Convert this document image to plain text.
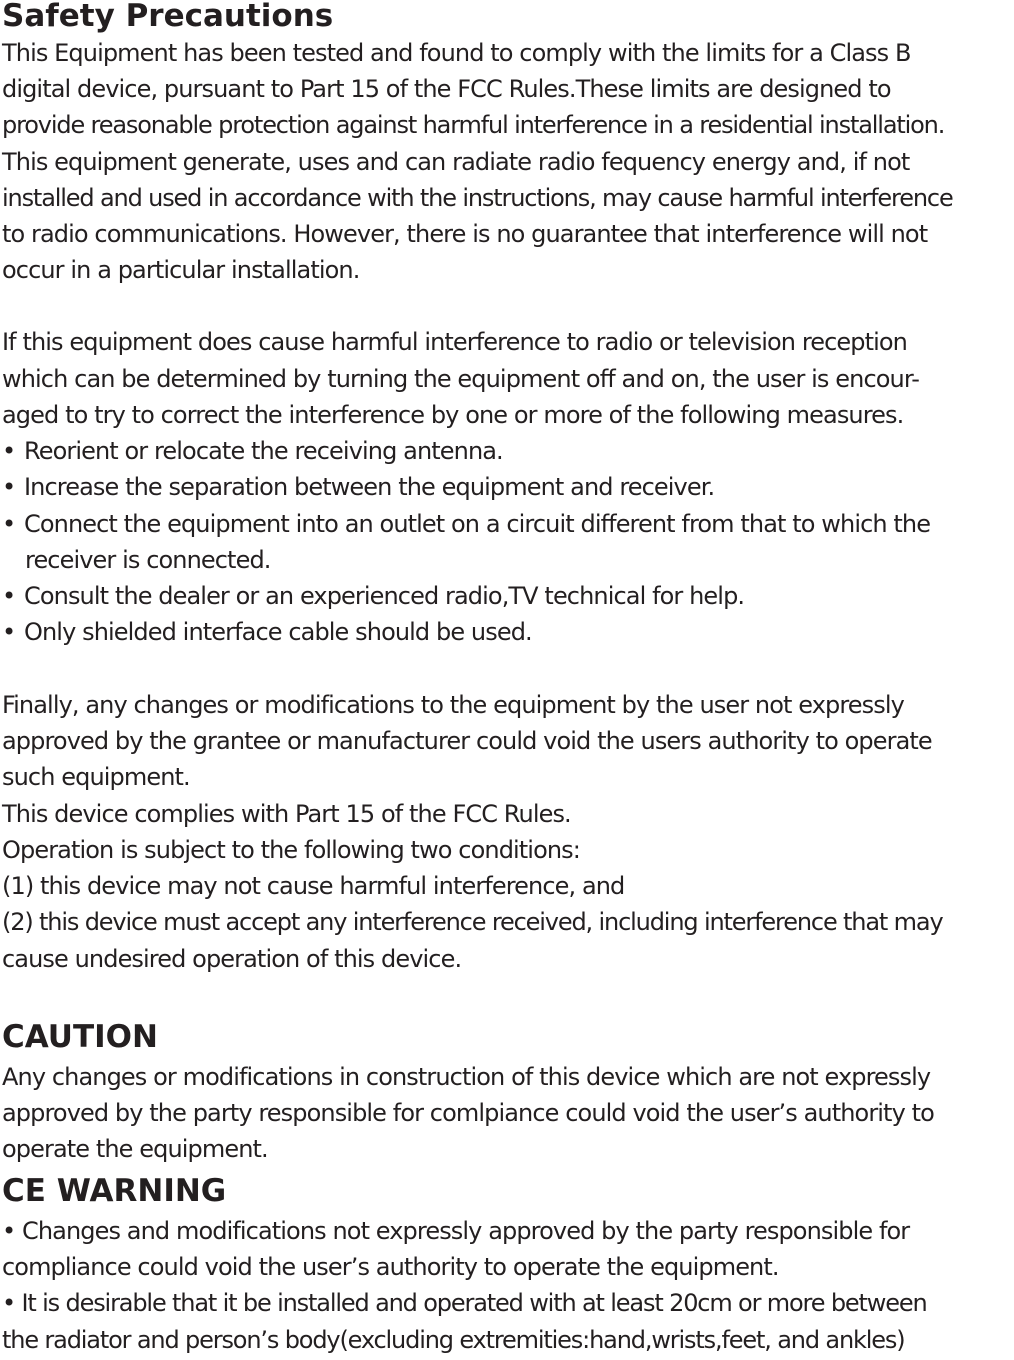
Safety Precautions
This Equipment has been tested and found to comply with the limits for a Class B
digital device, pursuant to Part 15 of the FCC Rules.These limits are designed to
provide reasonable protection against harmful interference in a residential installation.
This equipment generate, uses and can radiate radio fequency energy and, if not
installed and used in accordance with the instructions, may cause harmful interference
to radio communications. However, there is no guarantee that interference will not
occur in a particular installation.
If this equipment does cause harmful interference to radio or television reception
which can be determined by turning the equipment off and on, the user is encour-
aged to try to correct the interference by one or more of the following measures.
• Reorient or relocate the receiving antenna.
• Increase the separation between the equipment and receiver.
• Connect the equipment into an outlet on a circuit different from that to which the
receiver is connected.
• Consult the dealer or an experienced radio,TV technical for help.
• Only shielded interface cable should be used.
Finally, any changes or modifications to the equipment by the user not expressly
approved by the grantee or manufacturer could void the users authority to operate
such equipment.
This device complies with Part 15 of the FCC Rules.
Operation is subject to the following two conditions:
(1) this device may not cause harmful interference, and
(2) this device must accept any interference received, including interference that may
cause undesired operation of this device.
CAUTION
Any changes or modifications in construction of this device which are not expressly
approved by the party responsible for comlpiance could void the user’s authority to
operate the equipment.
CE WARNING
• Changes and modifications not expressly approved by the party responsible for
compliance could void the user’s authority to operate the equipment.
• It is desirable that it be installed and operated with at least 20cm or more between
the radiator and person’s body(excluding extremities:hand,wrists,feet, and ankles)
